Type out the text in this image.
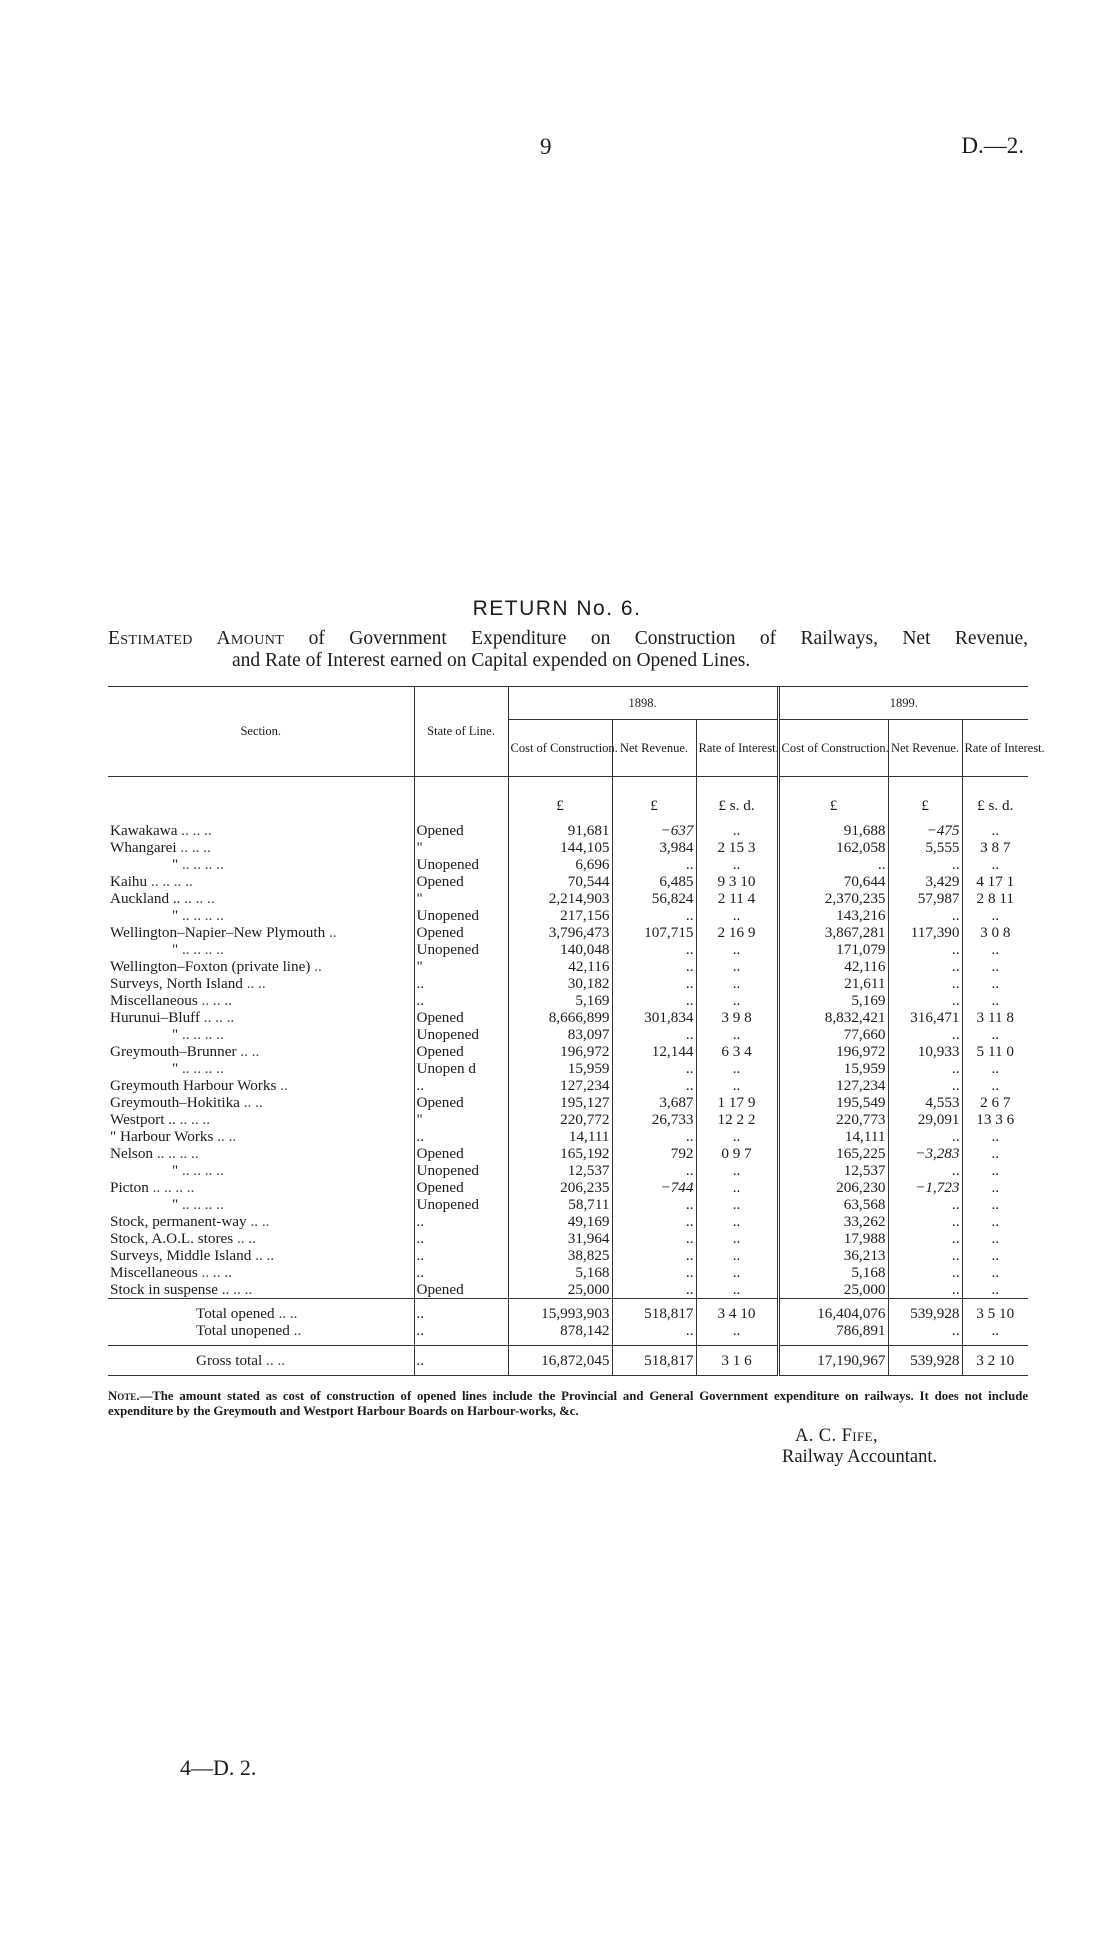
9	D.—2.
RETURN No. 6.
Estimated Amount of Government Expenditure on Construction of Railways, Net Revenue,
and Rate of Interest earned on Capital expended on Opened Lines.

Section.	State of Line.	1898.			1899.		
		Cost of Construction.	Net Revenue.	Rate of Interest.	Cost of Construction.	Net Revenue.	Rate of Interest.
		£	£	£ s. d.	£	£	£ s. d.
Kawakawa .. .. ..	Opened	91,681	−637	..	91,688	−475	..
Whangarei .. .. ..	"	144,105	3,984	2 15 3	162,058	5,555	3 8 7
" .. .. .. ..	Unopened	6,696	..	..	..	..	..
Kaihu .. .. .. ..	Opened	70,544	6,485	9 3 10	70,644	3,429	4 17 1
Auckland .. .. .. ..	"	2,214,903	56,824	2 11 4	2,370,235	57,987	2 8 11
" .. .. .. ..	Unopened	217,156	..	..	143,216	..	..
Wellington–Napier–New Plymouth ..	Opened	3,796,473	107,715	2 16 9	3,867,281	117,390	3 0 8
" .. .. .. ..	Unopened	140,048	..	..	171,079	..	..
Wellington–Foxton (private line) ..	"	42,116	..	..	42,116	..	..
Surveys, North Island .. ..	..	30,182	..	..	21,611	..	..
Miscellaneous .. .. ..	..	5,169	..	..	5,169	..	..
Hurunui–Bluff .. .. ..	Opened	8,666,899	301,834	3 9 8	8,832,421	316,471	3 11 8
" .. .. .. ..	Unopened	83,097	..	..	77,660	..	..
Greymouth–Brunner .. ..	Opened	196,972	12,144	6 3 4	196,972	10,933	5 11 0
" .. .. .. ..	Unopen d	15,959	..	..	15,959	..	..
Greymouth Harbour Works ..	..	127,234	..	..	127,234	..	..
Greymouth–Hokitika .. ..	Opened	195,127	3,687	1 17 9	195,549	4,553	2 6 7
Westport .. .. .. ..	"	220,772	26,733	12 2 2	220,773	29,091	13 3 6
" Harbour Works .. ..	..	14,111	..	..	14,111	..	..
Nelson .. .. .. ..	Opened	165,192	792	0 9 7	165,225	−3,283	..
" .. .. .. ..	Unopened	12,537	..	..	12,537	..	..
Picton .. .. .. ..	Opened	206,235	−744	..	206,230	−1,723	..
" .. .. .. ..	Unopened	58,711	..	..	63,568	..	..
Stock, permanent-way .. ..	..	49,169	..	..	33,262	..	..
Stock, A.O.L. stores .. ..	..	31,964	..	..	17,988	..	..
Surveys, Middle Island .. ..	..	38,825	..	..	36,213	..	..
Miscellaneous .. .. ..	..	5,168	..	..	5,168	..	..
Stock in suspense .. .. ..	Opened	25,000	..	..	25,000	..	..
Total opened .. ..	..	15,993,903	518,817	3 4 10	16,404,076	539,928	3 5 10
Total unopened ..	..	878,142	..	..	786,891	..	..
Gross total .. ..	..	16,872,045	518,817	3 1 6	17,190,967	539,928	3 2 10
Note.—The amount stated as cost of construction of opened lines include the Provincial and General Government expenditure on railways. It does not include expenditure by the Greymouth and Westport Harbour Boards on Harbour-works, &c.
A. C. Fife,
Railway Accountant.
4—D. 2.
